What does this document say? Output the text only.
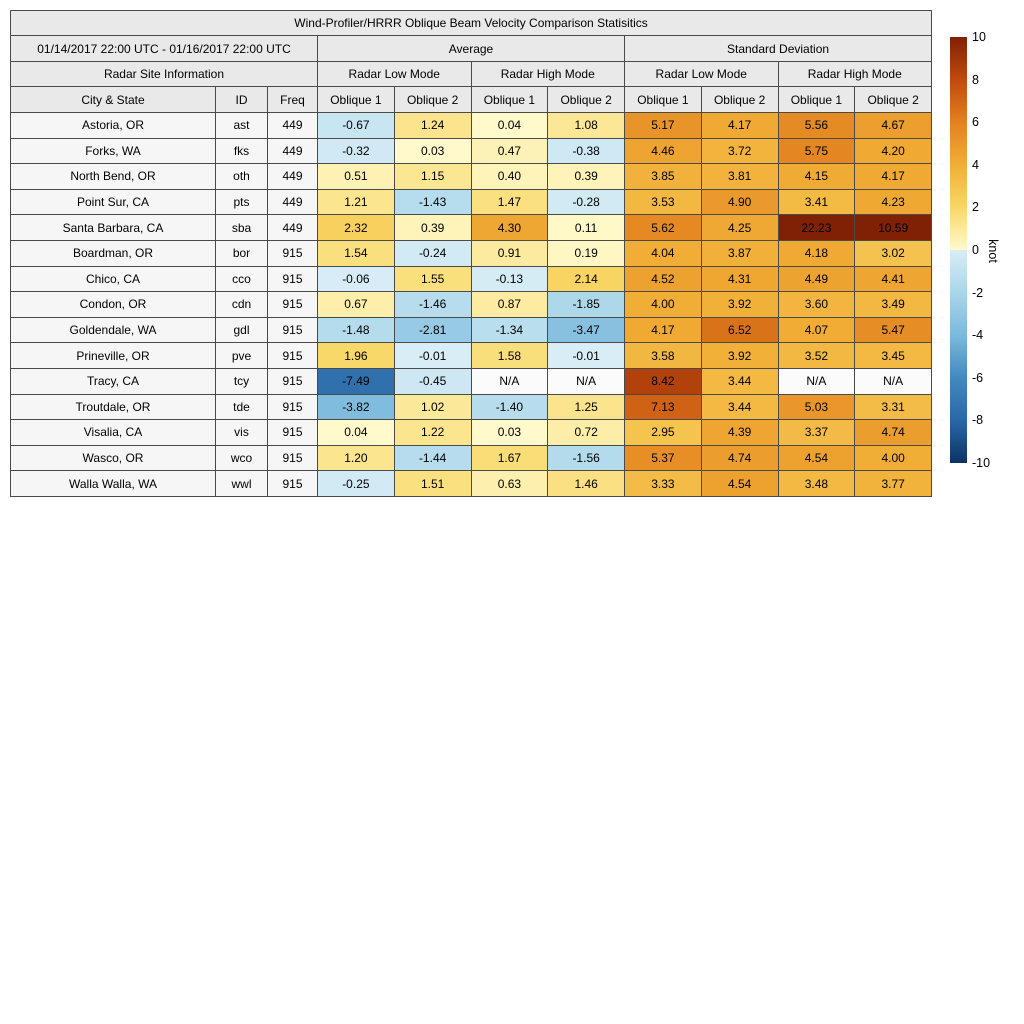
Wind-Profiler/HRRR Oblique Beam Velocity Comparison Statisitics										
01/14/2017 22:00 UTC - 01/16/2017 22:00 UTC			Average				Standard Deviation			
Radar Site Information			Radar Low Mode		Radar High Mode		Radar Low Mode		Radar High Mode	
City & State	ID	Freq	Oblique 1	Oblique 2	Oblique 1	Oblique 2	Oblique 1	Oblique 2	Oblique 1	Oblique 2
Astoria, OR	ast	449	-0.67	1.24	0.04	1.08	5.17	4.17	5.56	4.67
Forks, WA	fks	449	-0.32	0.03	0.47	-0.38	4.46	3.72	5.75	4.20
North Bend, OR	oth	449	0.51	1.15	0.40	0.39	3.85	3.81	4.15	4.17
Point Sur, CA	pts	449	1.21	-1.43	1.47	-0.28	3.53	4.90	3.41	4.23
Santa Barbara, CA	sba	449	2.32	0.39	4.30	0.11	5.62	4.25	22.23	10.59
Boardman, OR	bor	915	1.54	-0.24	0.91	0.19	4.04	3.87	4.18	3.02
Chico, CA	cco	915	-0.06	1.55	-0.13	2.14	4.52	4.31	4.49	4.41
Condon, OR	cdn	915	0.67	-1.46	0.87	-1.85	4.00	3.92	3.60	3.49
Goldendale, WA	gdl	915	-1.48	-2.81	-1.34	-3.47	4.17	6.52	4.07	5.47
Prineville, OR	pve	915	1.96	-0.01	1.58	-0.01	3.58	3.92	3.52	3.45
Tracy, CA	tcy	915	-7.49	-0.45	N/A	N/A	8.42	3.44	N/A	N/A
Troutdale, OR	tde	915	-3.82	1.02	-1.40	1.25	7.13	3.44	5.03	3.31
Visalia, CA	vis	915	0.04	1.22	0.03	0.72	2.95	4.39	3.37	4.74
Wasco, OR	wco	915	1.20	-1.44	1.67	-1.56	5.37	4.74	4.54	4.00
Walla Walla, WA	wwl	915	-0.25	1.51	0.63	1.46	3.33	4.54	3.48	3.77
10
8
6
4
2
0
-2
-4
-6
-8
-10
knot
